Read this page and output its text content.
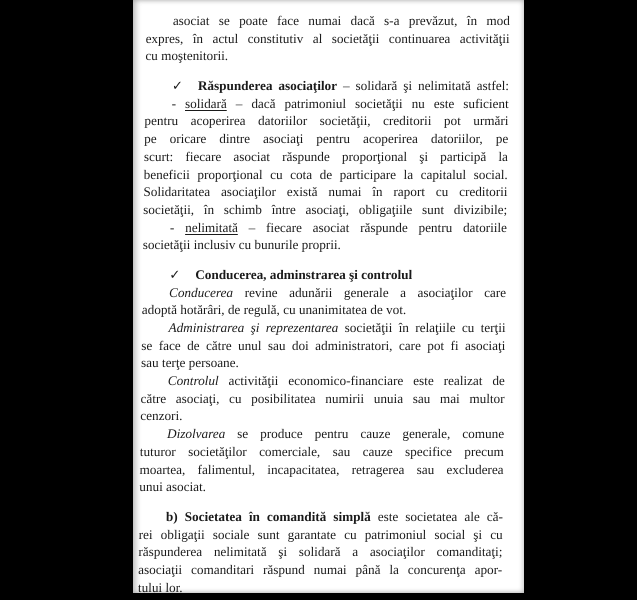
asociat se poate face numai dacă s-a prevăzut, în mod
expres, în actul constitutiv al societăţii continuarea activităţii
cu moştenitorii.
✓ Răspunderea asociaţilor – solidară şi nelimitată astfel:
- solidară – dacă patrimoniul societăţii nu este suficient
pentru acoperirea datoriilor societăţii, creditorii pot urmări
pe oricare dintre asociaţi pentru acoperirea datoriilor, pe
scurt: fiecare asociat răspunde proporţional şi participă la
beneficii proporţional cu cota de participare la capitalul social.
Solidaritatea asociaţilor există numai în raport cu creditorii
societăţii, în schimb între asociaţi, obligaţiile sunt divizibile;
- nelimitată – fiecare asociat răspunde pentru datoriile
societăţii inclusiv cu bunurile proprii.
✓ Conducerea, adminstrarea şi controlul
Conducerea revine adunării generale a asociaţilor care
adoptă hotărâri, de regulă, cu unanimitatea de vot.
Administrarea şi reprezentarea societăţii în relaţiile cu terţii
se face de către unul sau doi administratori, care pot fi asociaţi
sau terţe persoane.
Controlul activităţii economico-financiare este realizat de
către asociaţi, cu posibilitatea numirii unuia sau mai multor
cenzori.
Dizolvarea se produce pentru cauze generale, comune
tuturor societăţilor comerciale, sau cauze specifice precum
moartea, falimentul, incapacitatea, retragerea sau excluderea
unui asociat.
b) Societatea în comandită simplă este societatea ale că-
rei obligaţii sociale sunt garantate cu patrimoniul social şi cu
răspunderea nelimitată şi solidară a asociaţilor comanditaţi;
asociaţii comanditari răspund numai până la concurenţa apor-
tului lor.
